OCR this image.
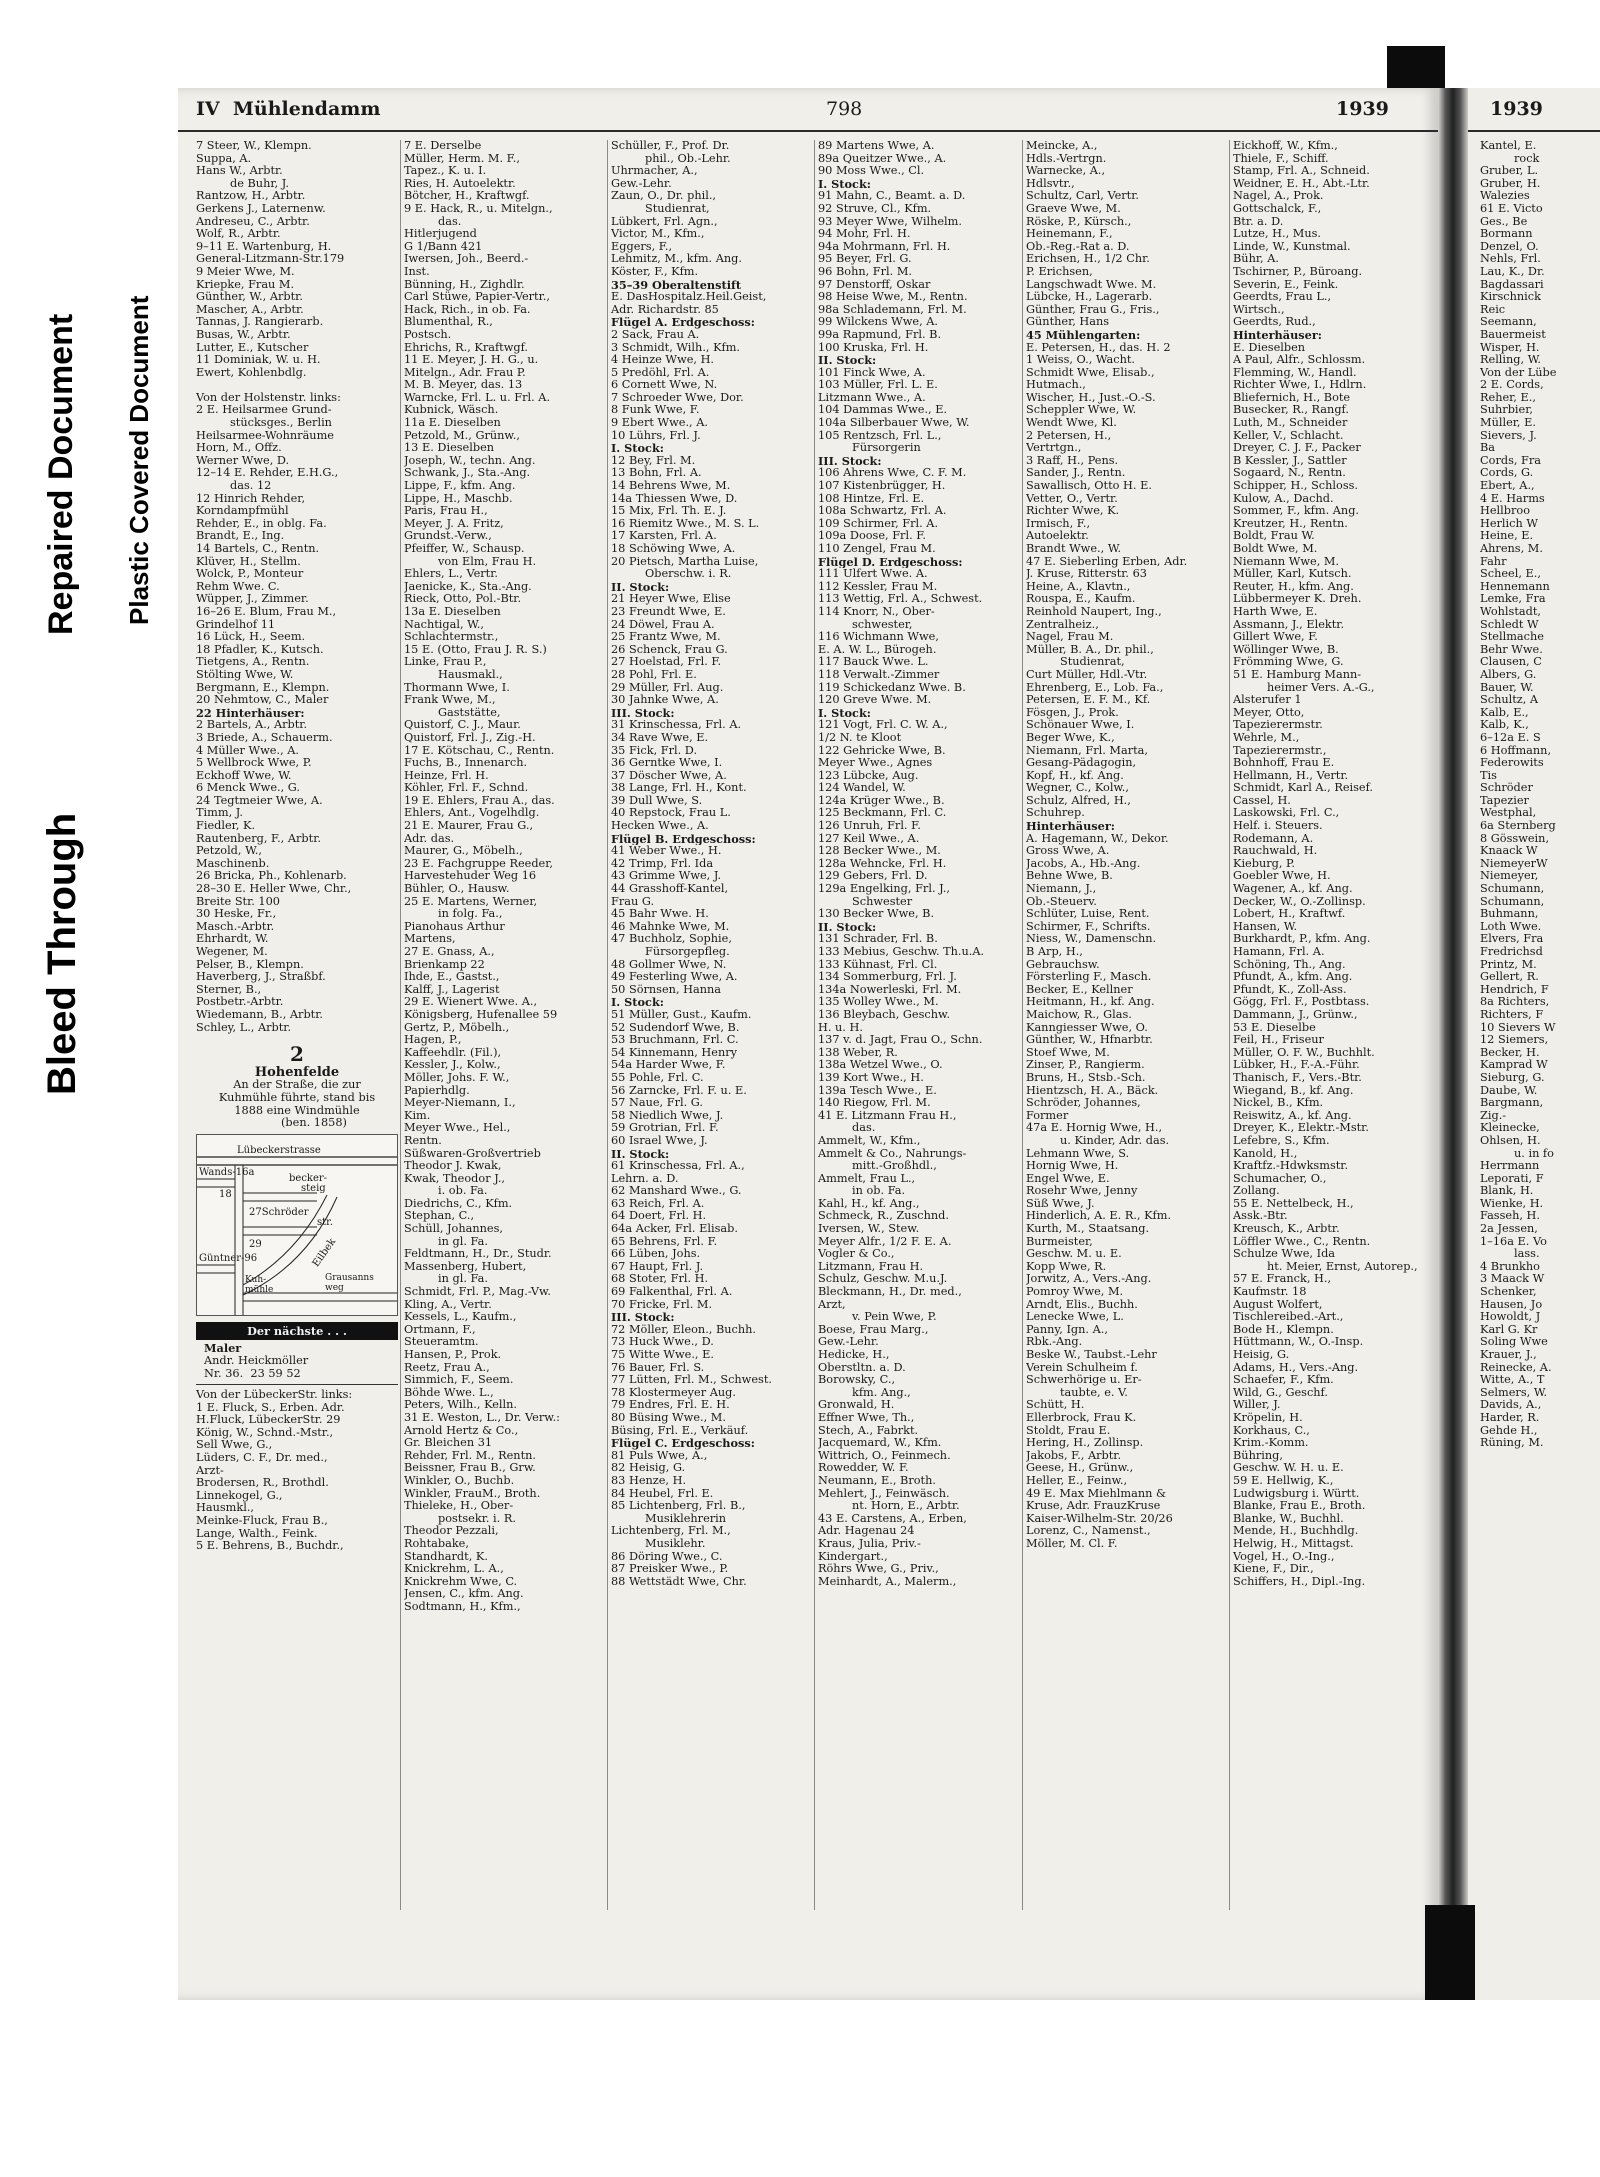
Bleed Through
Repaired Document Plastic Covered Document
IV Mühlendamm	798	1939
7 Steer, W., Klempn.
Suppa, A.
Hans W., Arbtr.
de Buhr, J.
Rantzow, H., Arbtr.
Gerkens J., Laternenw.
Andreseu, C., Arbtr.
Wolf, R., Arbtr.
9–11 E. Wartenburg, H.
General-Litzmann-Str.179
9 Meier Wwe, M.
Kriepke, Frau M.
Günther, W., Arbtr.
Mascher, A., Arbtr.
Tannas, J. Rangierarb.
Busas, W., Arbtr.
Lutter, E., Kutscher
11 Dominiak, W. u. H.
Ewert, Kohlenbdlg.

Von der Holstenstr. links:
2 E. Heilsarmee Grund-
stücksges., Berlin
Heilsarmee-Wohnräume
Horn, M., Offz.
Werner Wwe, D.
12–14 E. Rehder, E.H.G.,
das. 12
12 Hinrich Rehder,
Korndampfmühl
Rehder, E., in oblg. Fa.
Brandt, E., Ing.
14 Bartels, C., Rentn.
Klüver, H., Stellm.
Wolck, P., Monteur
Rehm Wwe. C.
Wüpper, J., Zimmer.
16–26 E. Blum, Frau M.,
Grindelhof 11
16 Lück, H., Seem.
18 Pfadler, K., Kutsch.
Tietgens, A., Rentn.
Stölting Wwe, W.
Bergmann, E., Klempn.
20 Nehmtow, C., Maler
22 Hinterhäuser:
2 Bartels, A., Arbtr.
3 Briede, A., Schauerm.
4 Müller Wwe., A.
5 Wellbrock Wwe, P.
Eckhoff Wwe, W.
6 Menck Wwe., G.
24 Tegtmeier Wwe, A.
Timm, J.
Fiedler, K.
Rautenberg, F., Arbtr.
Petzold, W.,
Maschinenb.
26 Bricka, Ph., Kohlenarb.
28–30 E. Heller Wwe, Chr.,
Breite Str. 100
30 Heske, Fr.,
Masch.-Arbtr.
Ehrhardt, W.
Wegener, M.
Pelser, B., Klempn.
Haverberg, J., Straßbf.
Sterner, B.,
Postbetr.-Arbtr.
Wiedemann, B., Arbtr.
Schley, L., Arbtr.
2
Hohenfelde
An der Straße, die zur
Kuhmühle führte, stand bis
1888 eine Windmühle
(ben. 1858)
Lübeckerstrasse
Wands-16a
18
becker-
steig
27Schröder
str.
29	Eilbek
Güntner-96
Kuh-mühle
Grausanns weg
Der nächste . . .
Maler
Andr. Heickmöller
Nr. 36. 23 59 52
Von der LübeckerStr. links:
1 E. Fluck, S., Erben. Adr.
H.Fluck, LübeckerStr. 29
König, W., Schnd.-Mstr.,
Sell Wwe, G.,
Lüders, C. F., Dr. med.,
Arzt-
Brodersen, R., Brothdl.
Linnekogel, G.,
Hausmkl.,
Meinke-Fluck, Frau B.,
Lange, Walth., Feink.
5 E. Behrens, B., Buchdr.,
7 E. Derselbe
Müller, Herm. M. F.,
Tapez., K. u. I.
Ries, H. Autoelektr.
Bötcher, H., Kraftwgf.
9 E. Hack, R., u. Mitelgn.,
das.
Hitlerjugend
G 1/Bann 421
Iwersen, Joh., Beerd.-
Inst.
Bünning, H., Zighdlr.
Carl Stüwe, Papier-Vertr.,
Hack, Rich., in ob. Fa.
Blumenthal, R.,
Postsch.
Ehrichs, R., Kraftwgf.
11 E. Meyer, J. H. G., u.
Mitelgn., Adr. Frau P.
M. B. Meyer, das. 13
Warncke, Frl. L. u. Frl. A.
Kubnick, Wäsch.
11a E. Dieselben
Petzold, M., Grünw.,
13 E. Dieselben
Joseph, W., techn. Ang.
Schwank, J., Sta.-Ang.
Lippe, F., kfm. Ang.
Lippe, H., Maschb.
Paris, Frau H.,
Meyer, J. A. Fritz,
Grundst.-Verw.,
Pfeiffer, W., Schausp.
von Elm, Frau H.
Ehlers, L., Vertr.
Jaenicke, K., Sta.-Ang.
Rieck, Otto, Pol.-Btr.
13a E. Dieselben
Nachtigal, W.,
Schlachtermstr.,
15 E. (Otto, Frau J. R. S.)
Linke, Frau P.,
Hausmakl.,
Thormann Wwe, I.
Frank Wwe, M.,
Gaststätte,
Quistorf, C. J., Maur.
Quistorf, Frl. J., Zig.-H.
17 E. Kötschau, C., Rentn.
Fuchs, B., Innenarch.
Heinze, Frl. H.
Köhler, Frl. F., Schnd.
19 E. Ehlers, Frau A., das.
Ehlers, Ant., Vogelhdlg.
21 E. Maurer, Frau G.,
Adr. das.
Maurer, G., Möbelh.,
23 E. Fachgruppe Reeder,
Harvestehuder Weg 16
Bühler, O., Hausw.
25 E. Martens, Werner,
in folg. Fa.,
Pianohaus Arthur
Martens,
27 E. Gnass, A.,
Brienkamp 22
Ihde, E., Gastst.,
Kalff, J., Lagerist
29 E. Wienert Wwe. A.,
Königsberg, Hufenallee 59
Gertz, P., Möbelh.,
Hagen, P.,
Kaffeehdlr. (Fil.),
Kessler, J., Kolw.,
Möller, Johs. F. W.,
Papierhdlg.
Meyer-Niemann, I.,
Kim.
Meyer Wwe., Hel.,
Rentn.
Süßwaren-Großvertrieb
Theodor J. Kwak,
Kwak, Theodor J.,
i. ob. Fa.
Diedrichs, C., Kfm.
Stephan, C.,
Schüll, Johannes,
in gl. Fa.
Feldtmann, H., Dr., Studr.
Massenberg, Hubert,
in gl. Fa.
Schmidt, Frl. P., Mag.-Vw.
Kling, A., Vertr.
Kessels, L., Kaufm.,
Ortmann, F.,
Steueramtm.
Hansen, P., Prok.
Reetz, Frau A.,
Simmich, F., Seem.
Böhde Wwe. L.,
Peters, Wilh., Kelln.
31 E. Weston, L., Dr. Verw.:
Arnold Hertz & Co.,
Gr. Bleichen 31
Rehder, Frl. M., Rentn.
Beissner, Frau B., Grw.
Winkler, O., Buchb.
Winkler, FrauM., Broth.
Thieleke, H., Ober-
postsekr. i. R.
Theodor Pezzali,
Rohtabake,
Standhardt, K.
Knickrehm, L. A.,
Knickrehm Wwe, C.
Jensen, C., kfm. Ang.
Sodtmann, H., Kfm.,
Schüller, F., Prof. Dr.
phil., Ob.-Lehr.
Uhrmacher, A.,
Gew.-Lehr.
Zaun, O., Dr. phil.,
Studienrat,
Lübkert, Frl. Agn.,
Victor, M., Kfm.,
Eggers, F.,
Lehmitz, M., kfm. Ang.
Köster, F., Kfm.
35–39 Oberaltenstift
E. DasHospitalz.Heil.Geist,
Adr. Richardstr. 85
Flügel A. Erdgeschoss:
2 Sack, Frau A.
3 Schmidt, Wilh., Kfm.
4 Heinze Wwe, H.
5 Predöhl, Frl. A.
6 Cornett Wwe, N.
7 Schroeder Wwe, Dor.
8 Funk Wwe, F.
9 Ebert Wwe., A.
10 Lührs, Frl. J.
I. Stock:
12 Bey, Frl. M.
13 Bohn, Frl. A.
14 Behrens Wwe, M.
14a Thiessen Wwe, D.
15 Mix, Frl. Th. E. J.
16 Riemitz Wwe., M. S. L.
17 Karsten, Frl. A.
18 Schöwing Wwe, A.
20 Pietsch, Martha Luise,
Oberschw. i. R.
II. Stock:
21 Heyer Wwe, Elise
23 Freundt Wwe, E.
24 Döwel, Frau A.
25 Frantz Wwe, M.
26 Schenck, Frau G.
27 Hoelstad, Frl. F.
28 Pohl, Frl. E.
29 Müller, Frl. Aug.
30 Jahnke Wwe, A.
III. Stock:
31 Krinschessa, Frl. A.
34 Rave Wwe, E.
35 Fick, Frl. D.
36 Gerntke Wwe, I.
37 Döscher Wwe, A.
38 Lange, Frl. H., Kont.
39 Dull Wwe, S.
40 Repstock, Frau L.
Hecken Wwe., A.
Flügel B. Erdgeschoss:
41 Weber Wwe., H.
42 Trimp, Frl. Ida
43 Grimme Wwe, J.
44 Grasshoff-Kantel,
Frau G.
45 Bahr Wwe. H.
46 Mahnke Wwe, M.
47 Buchholz, Sophie,
Fürsorgepfleg.
48 Gollmer Wwe, N.
49 Festerling Wwe, A.
50 Sörnsen, Hanna
I. Stock:
51 Müller, Gust., Kaufm.
52 Sudendorf Wwe, B.
53 Bruchmann, Frl. C.
54 Kinnemann, Henry
54a Harder Wwe, F.
55 Pohle, Frl. C.
56 Zarncke, Frl. F. u. E.
57 Naue, Frl. G.
58 Niedlich Wwe, J.
59 Grotrian, Frl. F.
60 Israel Wwe, J.
II. Stock:
61 Krinschessa, Frl. A.,
Lehrn. a. D.
62 Manshard Wwe., G.
63 Reich, Frl. A.
64 Doert, Frl. H.
64a Acker, Frl. Elisab.
65 Behrens, Frl. F.
66 Lüben, Johs.
67 Haupt, Frl. J.
68 Stoter, Frl. H.
69 Falkenthal, Frl. A.
70 Fricke, Frl. M.
III. Stock:
72 Möller, Eleon., Buchh.
73 Huck Wwe., D.
75 Witte Wwe., E.
76 Bauer, Frl. S.
77 Lütten, Frl. M., Schwest.
78 Klostermeyer Aug.
79 Endres, Frl. E. H.
80 Büsing Wwe., M.
Büsing, Frl. E., Verkäuf.
Flügel C. Erdgeschoss:
81 Puls Wwe, A.,
82 Heisig, G.
83 Henze, H.
84 Heubel, Frl. E.
85 Lichtenberg, Frl. B.,
Musiklehrerin
Lichtenberg, Frl. M.,
Musiklehr.
86 Döring Wwe., C.
87 Preisker Wwe., P.
88 Wettstädt Wwe, Chr.
89 Martens Wwe, A.
89a Queitzer Wwe., A.
90 Moss Wwe., Cl.
I. Stock:
91 Mahn, C., Beamt. a. D.
92 Struve, Cl., Kfm.
93 Meyer Wwe, Wilhelm.
94 Mohr, Frl. H.
94a Mohrmann, Frl. H.
95 Beyer, Frl. G.
96 Bohn, Frl. M.
97 Denstorff, Oskar
98 Heise Wwe, M., Rentn.
98a Schlademann, Frl. M.
99 Wilckens Wwe, A.
99a Rapmund, Frl. B.
100 Kruska, Frl. H.
II. Stock:
101 Finck Wwe, A.
103 Müller, Frl. L. E.
Litzmann Wwe., A.
104 Dammas Wwe., E.
104a Silberbauer Wwe, W.
105 Rentzsch, Frl. L.,
Fürsorgerin
III. Stock:
106 Ahrens Wwe, C. F. M.
107 Kistenbrügger, H.
108 Hintze, Frl. E.
108a Schwartz, Frl. A.
109 Schirmer, Frl. A.
109a Doose, Frl. F.
110 Zengel, Frau M.
Flügel D. Erdgeschoss:
111 Ulfert Wwe. A.
112 Kessler, Frau M.
113 Wettig, Frl. A., Schwest.
114 Knorr, N., Ober-
schwester,
116 Wichmann Wwe,
E. A. W. L., Bürogeh.
117 Bauck Wwe. L.
118 Verwalt.-Zimmer
119 Schickedanz Wwe. B.
120 Greve Wwe. M.
I. Stock:
121 Vogt, Frl. C. W. A.,
1/2 N. te Kloot
122 Gehricke Wwe, B.
Meyer Wwe., Agnes
123 Lübcke, Aug.
124 Wandel, W.
124a Krüger Wwe., B.
125 Beckmann, Frl. C.
126 Unruh, Frl. F.
127 Keil Wwe., A.
128 Becker Wwe., M.
128a Wehncke, Frl. H.
129 Gebers, Frl. D.
129a Engelking, Frl. J.,
Schwester
130 Becker Wwe, B.
II. Stock:
131 Schrader, Frl. B.
133 Mebius, Geschw. Th.u.A.
133 Kühnast, Frl. Cl.
134 Sommerburg, Frl. J.
134a Nowerleski, Frl. M.
135 Wolley Wwe., M.
136 Bleybach, Geschw.
H. u. H.
137 v. d. Jagt, Frau O., Schn.
138 Weber, R.
138a Wetzel Wwe., O.
139 Kort Wwe., H.
139a Tesch Wwe., E.
140 Riegow, Frl. M.
41 E. Litzmann Frau H.,
das.
Ammelt, W., Kfm.,
Ammelt & Co., Nahrungs-
mitt.-Großhdl.,
Ammelt, Frau L.,
in ob. Fa.
Kahl, H., kf. Ang.,
Schmeck, R., Zuschnd.
Iversen, W., Stew.
Meyer Alfr., 1/2 F. E. A.
Vogler & Co.,
Litzmann, Frau H.
Schulz, Geschw. M.u.J.
Bleckmann, H., Dr. med.,
Arzt,
v. Pein Wwe, P.
Boese, Frau Marg.,
Gew.-Lehr.
Hedicke, H.,
Oberstltn. a. D.
Borowsky, C.,
kfm. Ang.,
Gronwald, H.
Effner Wwe, Th.,
Stech, A., Fabrkt.
Jacquemard, W., Kfm.
Wittrich, O., Feinmech.
Rowedder, W. F.
Neumann, E., Broth.
Mehlert, J., Feinwäsch.
nt. Horn, E., Arbtr.
43 E. Carstens, A., Erben,
Adr. Hagenau 24
Kraus, Julia, Priv.-
Kindergart.,
Röhrs Wwe, G., Priv.,
Meinhardt, A., Malerm.,
Meincke, A.,
Hdls.-Vertrgn.
Warnecke, A.,
Hdlsvtr.,
Schultz, Carl, Vertr.
Graeve Wwe, M.
Röske, P., Kürsch.,
Heinemann, F.,
Ob.-Reg.-Rat a. D.
Erichsen, H., 1/2 Chr.
P. Erichsen,
Langschwadt Wwe. M.
Lübcke, H., Lagerarb.
Günther, Frau G., Fris.,
Günther, Hans
45 Mühlengarten:
E. Petersen, H., das. H. 2
1 Weiss, O., Wacht.
Schmidt Wwe, Elisab.,
Hutmach.,
Wischer, H., Just.-O.-S.
Scheppler Wwe, W.
Wendt Wwe, Kl.
2 Petersen, H.,
Vertrtgn.,
3 Raff, H., Pens.
Sander, J., Rentn.
Sawallisch, Otto H. E.
Vetter, O., Vertr.
Richter Wwe, K.
Irmisch, F.,
Autoelektr.
Brandt Wwe., W.
47 E. Sieberling Erben, Adr.
J. Kruse, Ritterstr. 63
Heine, A., Klavtn.,
Rouspa, E., Kaufm.
Reinhold Naupert, Ing.,
Zentralheiz.,
Nagel, Frau M.
Müller, B. A., Dr. phil.,
Studienrat,
Curt Müller, Hdl.-Vtr.
Ehrenberg, E., Lob. Fa.,
Petersen, E. F. M., Kf.
Fösgen, J., Prok.
Schönauer Wwe, I.
Beger Wwe, K.,
Niemann, Frl. Marta,
Gesang-Pädagogin,
Kopf, H., kf. Ang.
Wegner, C., Kolw.,
Schulz, Alfred, H.,
Schuhrep.
Hinterhäuser:
A. Hagemann, W., Dekor.
Gross Wwe, A.
Jacobs, A., Hb.-Ang.
Behne Wwe, B.
Niemann, J.,
Ob.-Steuerv.
Schlüter, Luise, Rent.
Schirmer, F., Schrifts.
Niess, W., Damenschn.
B Arp, H.,
Gebrauchsw.
Försterling F., Masch.
Becker, E., Kellner
Heitmann, H., kf. Ang.
Maichow, R., Glas.
Kanngiesser Wwe, O.
Günther, W., Hfnarbtr.
Stoef Wwe, M.
Zinser, P., Rangierm.
Bruns, H., Stsb.-Sch.
Hientzsch, H. A., Bäck.
Schröder, Johannes,
Former
47a E. Hornig Wwe, H.,
u. Kinder, Adr. das.
Lehmann Wwe, S.
Hornig Wwe, H.
Engel Wwe, E.
Rosehr Wwe, Jenny
Süß Wwe, J.
Hinderlich, A. E. R., Kfm.
Kurth, M., Staatsang.
Burmeister,
Geschw. M. u. E.
Kopp Wwe, R.
Jorwitz, A., Vers.-Ang.
Pomroy Wwe, M.
Arndt, Elis., Buchh.
Lenecke Wwe, L.
Panny, Ign. A.,
Rbk.-Ang.
Beske W., Taubst.-Lehr
Verein Schulheim f.
Schwerhörige u. Er-
taubte, e. V.
Schütt, H.
Ellerbrock, Frau K.
Stoldt, Frau E.
Hering, H., Zollinsp.
Jakobs, F., Arbtr.
Geese, H., Grünw.,
Heller, E., Feinw.,
49 E. Max Miehlmann &
Kruse, Adr. FrauzKruse
Kaiser-Wilhelm-Str. 20/26
Lorenz, C., Namenst.,
Möller, M. Cl. F.
Eickhoff, W., Kfm.,
Thiele, F., Schiff.
Stamp, Frl. A., Schneid.
Weidner, E. H., Abt.-Ltr.
Nagel, A., Prok.
Gottschalck, F.,
Btr. a. D.
Lutze, H., Mus.
Linde, W., Kunstmal.
Bühr, A.
Tschirner, P., Büroang.
Severin, E., Feink.
Geerdts, Frau L.,
Wirtsch.,
Geerdts, Rud.,
Hinterhäuser:
E. Dieselben
A Paul, Alfr., Schlossm.
Flemming, W., Handl.
Richter Wwe, I., Hdlrn.
Bliefernich, H., Bote
Busecker, R., Rangf.
Luth, M., Schneider
Keller, V., Schlacht.
Dreyer, C. J. F., Packer
B Kessler, J., Sattler
Sogaard, N., Rentn.
Schipper, H., Schloss.
Kulow, A., Dachd.
Sommer, F., kfm. Ang.
Kreutzer, H., Rentn.
Boldt, Frau W.
Boldt Wwe, M.
Niemann Wwe, M.
Müller, Karl, Kutsch.
Reuter, H., kfm. Ang.
Lübbermeyer K. Dreh.
Harth Wwe, E.
Assmann, J., Elektr.
Gillert Wwe, F.
Wöllinger Wwe, B.
Frömming Wwe, G.
51 E. Hamburg Mann-
heimer Vers. A.-G.,
Alsterufer 1
Meyer, Otto,
Tapezierermstr.
Wehrle, M.,
Tapezierermstr.,
Bohnhoff, Frau E.
Hellmann, H., Vertr.
Schmidt, Karl A., Reisef.
Cassel, H.
Laskowski, Frl. C.,
Helf. i. Steuers.
Rodemann, A.
Rauchwald, H.
Kieburg, P.
Goebler Wwe, H.
Wagener, A., kf. Ang.
Decker, W., O.-Zollinsp.
Lobert, H., Kraftwf.
Hansen, W.
Burkhardt, P., kfm. Ang.
Hamann, Frl. A.
Schöning, Th., Ang.
Pfundt, A., kfm. Ang.
Pfundt, K., Zoll-Ass.
Gögg, Frl. F., Postbtass.
Dammann, J., Grünw.,
53 E. Dieselbe
Feil, H., Friseur
Müller, O. F. W., Buchhlt.
Lübker, H., F.-A.-Führ.
Thanisch, F., Vers.-Btr.
Wiegand, B., kf. Ang.
Nickel, B., Kfm.
Reiswitz, A., kf. Ang.
Dreyer, K., Elektr.-Mstr.
Lefebre, S., Kfm.
Kanold, H.,
Kraftfz.-Hdwksmstr.
Schumacher, O.,
Zollang.
55 E. Nettelbeck, H.,
Assk.-Btr.
Kreusch, K., Arbtr.
Löffler Wwe., C., Rentn.
Schulze Wwe, Ida
ht. Meier, Ernst, Autorep.,
57 E. Franck, H.,
Kaufmstr. 18
August Wolfert,
Tischlereibed.-Art.,
Bode H., Klempn.
Hüttmann, W., O.-Insp.
Heisig, G.
Adams, H., Vers.-Ang.
Schaefer, F., Kfm.
Wild, G., Geschf.
Willer, J.
Kröpelin, H.
Korkhaus, C.,
Krim.-Komm.
Bühring,
Geschw. W. H. u. E.
59 E. Hellwig, K.,
Ludwigsburg i. Württ.
Blanke, Frau E., Broth.
Blanke, W., Buchhl.
Mende, H., Buchhdlg.
Helwig, H., Mittagst.
Vogel, H., O.-Ing.,
Kiene, F., Dir.,
Schiffers, H., Dipl.-Ing.
1939
Kantel, E.
rock
Gruber, L.
Gruber, H.
Walezies
61 E. Victo
Ges., Be
Bormann
Denzel, O.
Nehls, Frl.
Lau, K., Dr.
Bagdassari
Kirschnick
Reic
Seemann,
Bauermeist
Wisper, H.
Relling, W.
Von der Lübe
2 E. Cords,
Reher, E.,
Suhrbier,
Müller, E.
Sievers, J.
Ba
Cords, Fra
Cords, G.
Ebert, A.,
4 E. Harms
Hellbroo
Herlich W
Heine, E.
Ahrens, M.
Fahr
Scheel, E.,
Hennemann
Lemke, Fra
Wohlstadt,
Schledt W
Stellmache
Behr Wwe.
Clausen, C
Albers, G.
Bauer, W.
Schultz, A
Kalb, E.,
Kalb, K.,
6–12a E. S
6 Hoffmann,
Federowits
Tis
Schröder
Tapezier
Westphal,
6a Sternberg
8 Gösswein,
Knaack W
NiemeyerW
Niemeyer,
Schumann,
Schumann,
Buhmann,
Loth Wwe.
Elvers, Fra
Fredrichsd
Printz, M.
Gellert, R.
Hendrich, F
8a Richters,
Richters, F
10 Sievers W
12 Siemers,
Becker, H.
Kamprad W
Sieburg, G.
Daube, W.
Bargmann,
Zig.-
Kleinecke,
Ohlsen, H.
u. in fo
Herrmann
Leporati, F
Blank, H.
Wienke, H.
Fasseh, H.
2a Jessen,
1–16a E. Vo
lass.
4 Brunkho
3 Maack W
Schenker,
Hausen, Jo
Howoldt, J
Karl G. Kr
Soling Wwe
Krauer, J.,
Reinecke, A.
Witte, A., T
Selmers, W.
Davids, A.,
Harder, R.
Gehde H.,
Rüning, M.
